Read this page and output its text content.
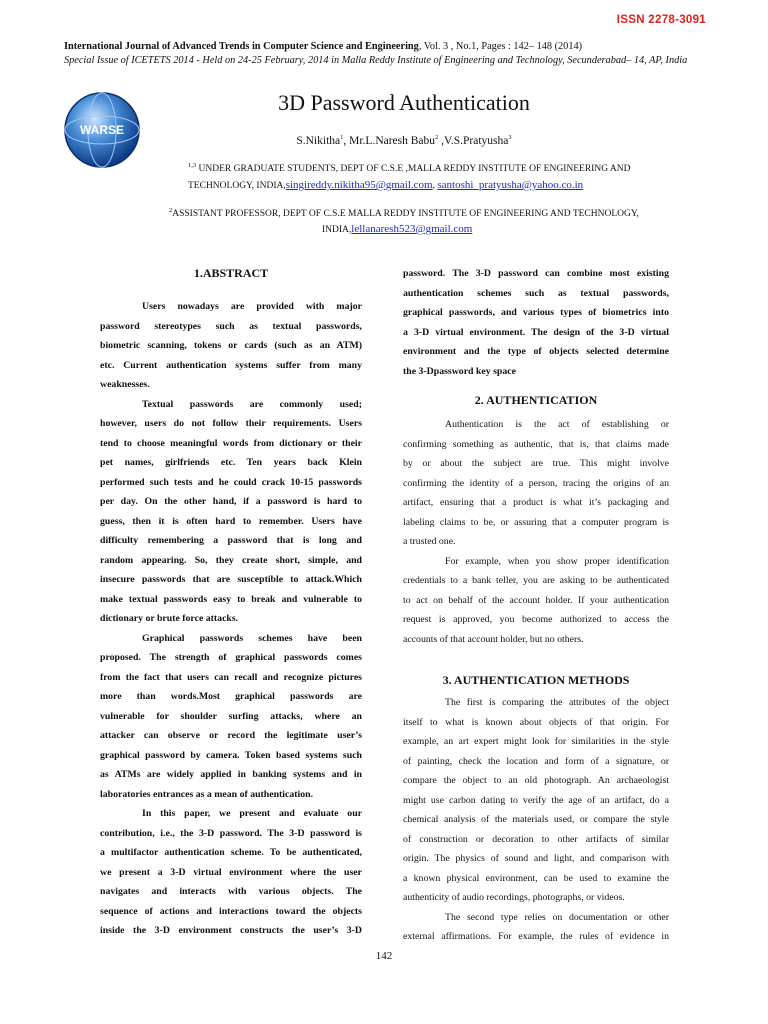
ISSN 2278-3091
International Journal of Advanced Trends in Computer Science and Engineering, Vol. 3 , No.1, Pages : 142– 148 (2014)
Special Issue of ICETETS 2014 - Held on 24-25 February, 2014 in Malla Reddy Institute of Engineering and Technology, Secunderabad– 14, AP, India
WARSE
3D Password Authentication
S.Nikitha$^1$, Mr.L.Naresh Babu$^2$ ,V.S.Pratyusha$^3$
$^{1,3}$ UNDER GRADUATE STUDENTS, DEPT OF C.S.E ,MALLA REDDY INSTITUTE OF ENGINEERING AND
TECHNOLOGY, INDIA,singireddy.nikitha95@gmail.com, santoshi_pratyusha@yahoo.co.in
$^2$ASSISTANT PROFESSOR, DEPT OF C.S.E MALLA REDDY INSTITUTE OF ENGINEERING AND TECHNOLOGY,
INDIA,lellanaresh523@gmail.com
1.ABSTRACT

Users nowadays are provided with major

password stereotypes such as textual passwords,

biometric scanning, tokens or cards (such as an ATM)

etc. Current authentication systems suffer from many

weaknesses.

Textual passwords are commonly used;

however, users do not follow their requirements. Users

tend to choose meaningful words from dictionary or their

pet names, girlfriends etc. Ten years back Klein

performed such tests and he could crack 10-15 passwords

per day. On the other hand, if a password is hard to

guess, then it is often hard to remember. Users have

difficulty remembering a password that is long and

random appearing. So, they create short, simple, and

insecure passwords that are susceptible to attack.Which

make textual passwords easy to break and vulnerable to

dictionary or brute force attacks.

Graphical passwords schemes have been

proposed. The strength of graphical passwords comes

from the fact that users can recall and recognize pictures

more than words.Most graphical passwords are

vulnerable for shoulder surfing attacks, where an

attacker can observe or record the legitimate user’s

graphical password by camera. Token based systems such

as ATMs are widely applied in banking systems and in

laboratories entrances as a mean of authentication.

In this paper, we present and evaluate our

contribution, i.e., the 3-D password. The 3-D password is

a multifactor authentication scheme. To be authenticated,

we present a 3-D virtual environment where the user

navigates and interacts with various objects. The

sequence of actions and interactions toward the objects

inside the 3-D environment constructs the user’s 3-D

password. The 3-D password can combine most existing

authentication schemes such as textual passwords,

graphical passwords, and various types of biometrics into

a 3-D virtual environment. The design of the 3-D virtual

environment and the type of objects selected determine

the 3-Dpassword key space

2. AUTHENTICATION

Authentication is the act of establishing or

confirming something as authentic, that is, that claims made

by or about the subject are true. This might involve

confirming the identity of a person, tracing the origins of an

artifact, ensuring that a product is what it’s packaging and

labeling claims to be, or assuring that a computer program is

a trusted one.

For example, when you show proper identification

credentials to a bank teller, you are asking to be authenticated

to act on behalf of the account holder. If your authentication

request is approved, you become authorized to access the

accounts of that account holder, but no others.

3. AUTHENTICATION METHODS

The first is comparing the attributes of the object

itself to what is known about objects of that origin. For

example, an art expert might look for similarities in the style

of painting, check the location and form of a signature, or

compare the object to an old photograph. An archaeologist

might use carbon dating to verify the age of an artifact, do a

chemical analysis of the materials used, or compare the style

of construction or decoration to other artifacts of similar

origin. The physics of sound and light, and comparison with

a known physical environment, can be used to examine the

authenticity of audio recordings, photographs, or videos.

The second type relies on documentation or other

external affirmations. For example, the rules of evidence in

142
